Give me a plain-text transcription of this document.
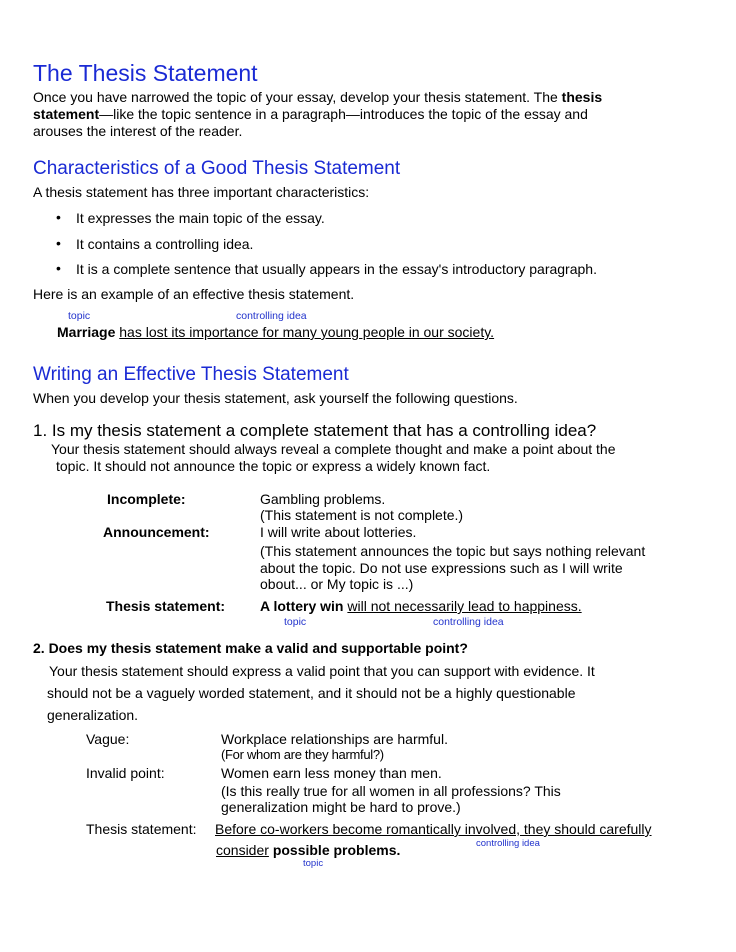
The Thesis Statement
Once you have narrowed the topic of your essay, develop your thesis statement. The thesis
statement—like the topic sentence in a paragraph—introduces the topic of the essay and
arouses the interest of the reader.
Characteristics of a Good Thesis Statement
A thesis statement has three important characteristics:
• It expresses the main topic of the essay.
• It contains a controlling idea.
• It is a complete sentence that usually appears in the essay's introductory paragraph.
Here is an example of an effective thesis statement.
topic	controlling idea
Marriage has lost its importance for many young people in our society.
Writing an Effective Thesis Statement
When you develop your thesis statement, ask yourself the following questions.
1. Is my thesis statement a complete statement that has a controlling idea?
Your thesis statement should always reveal a complete thought and make a point about the
topic. It should not announce the topic or express a widely known fact.
Incomplete:	Gambling problems.
(This statement is not complete.)
Announcement:	I will write about lotteries.
(This statement announces the topic but says nothing relevant
about the topic. Do not use expressions such as I will write
obout... or My topic is ...)
Thesis statement: A lottery win will not necessarily lead to happiness.
topic	controlling idea
2. Does my thesis statement make a valid and supportable point?
Your thesis statement should express a valid point that you can support with evidence. It
should not be a vaguely worded statement, and it should not be a highly questionable
generalization.
Vague:	Workplace relationships are harmful.
(For whom are they harmful?)
Invalid point:	Women earn less money than men.
(Is this really true for all women in all professions? This
generalization might be hard to prove.)
Thesis statement: Before co-workers become romantically involved, they should carefully
consider possible problems.	controlling idea
topic
